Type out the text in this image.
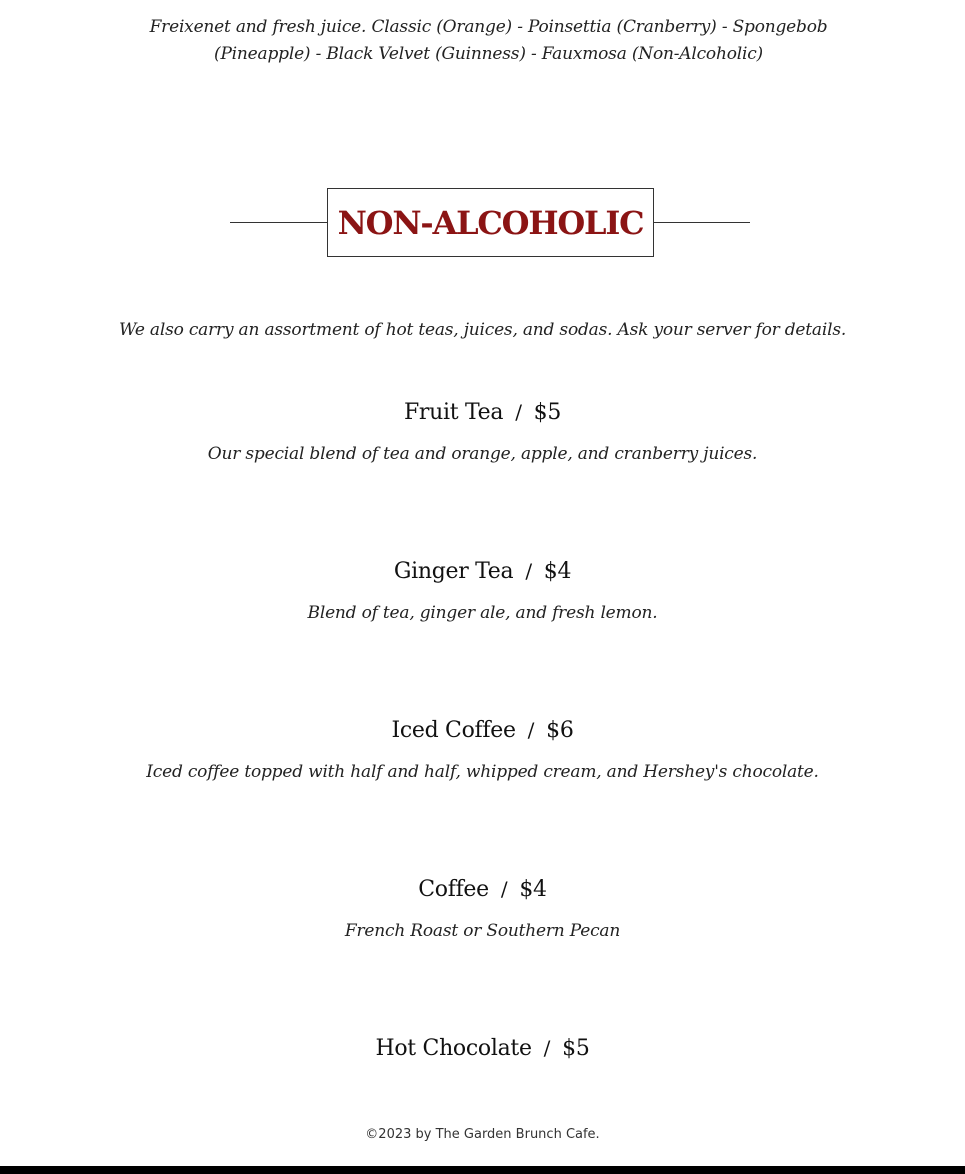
Freixenet and fresh juice. Classic (Orange) - Poinsettia (Cranberry) - Spongebob (Pineapple) - Black Velvet (Guinness) - Fauxmosa (Non-Alcoholic)

NON-ALCOHOLIC

We also carry an assortment of hot teas, juices, and sodas. Ask your server for details.

Fruit Tea / $5

Our special blend of tea and orange, apple, and cranberry juices.

Ginger Tea / $4

Blend of tea, ginger ale, and fresh lemon.

Iced Coffee / $6

Iced coffee topped with half and half, whipped cream, and Hershey's chocolate.

Coffee / $4

French Roast or Southern Pecan

Hot Chocolate / $5

©2023 by The Garden Brunch Cafe.
